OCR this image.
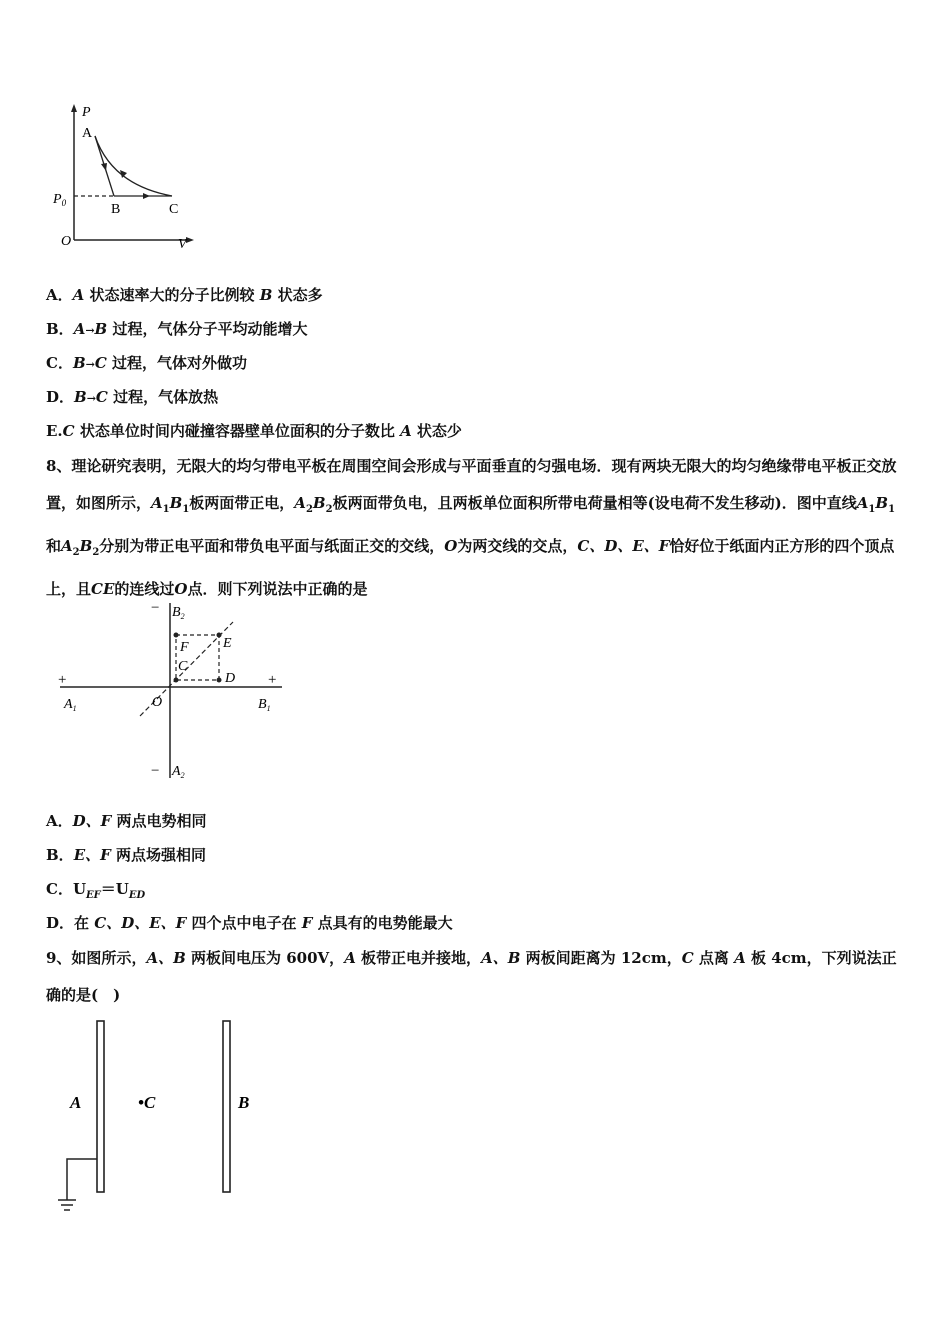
P
A
$P_0$	B	C
O	V
A．A 状态速率大的分子比例较 B 状态多
B．A→B 过程，气体分子平均动能增大
C．B→C 过程，气体对外做功
D．B→C 过程，气体放热
E.C 状态单位时间内碰撞容器壁单位面积的分子数比 A 状态少
8、理论研究表明，无限大的均匀带电平板在周围空间会形成与平面垂直的匀强电场．现有两块无限大的均匀绝缘带电平板正交放置，如图所示，$A_1B_1$板两面带正电，$A_2B_2$板两面带负电，且两板单位面积所带电荷量相等(设电荷不发生移动)．图中直线$A_1B_1$和$A_2B_2$分别为带正电平面和带负电平面与纸面正交的交线，O为两交线的交点，C、D、E、F恰好位于纸面内正方形的四个顶点上，且CE的连线过O点．则下列说法中正确的是
+	+
−
−
$A_1$	$B_1$
$B_2$
$A_2$
F E
C
D
O
A．D、F 两点电势相同
B．E、F 两点场强相同
C．$U_{EF}=U_{ED}$
D．在 C、D、E、F 四个点中电子在 F 点具有的电势能最大
9、如图所示，A、B 两板间电压为 600V，A 板带正电并接地，A、B 两板间距离为 12cm，C 点离 A 板 4cm，下列说法正确的是(　)
A	•C	B
